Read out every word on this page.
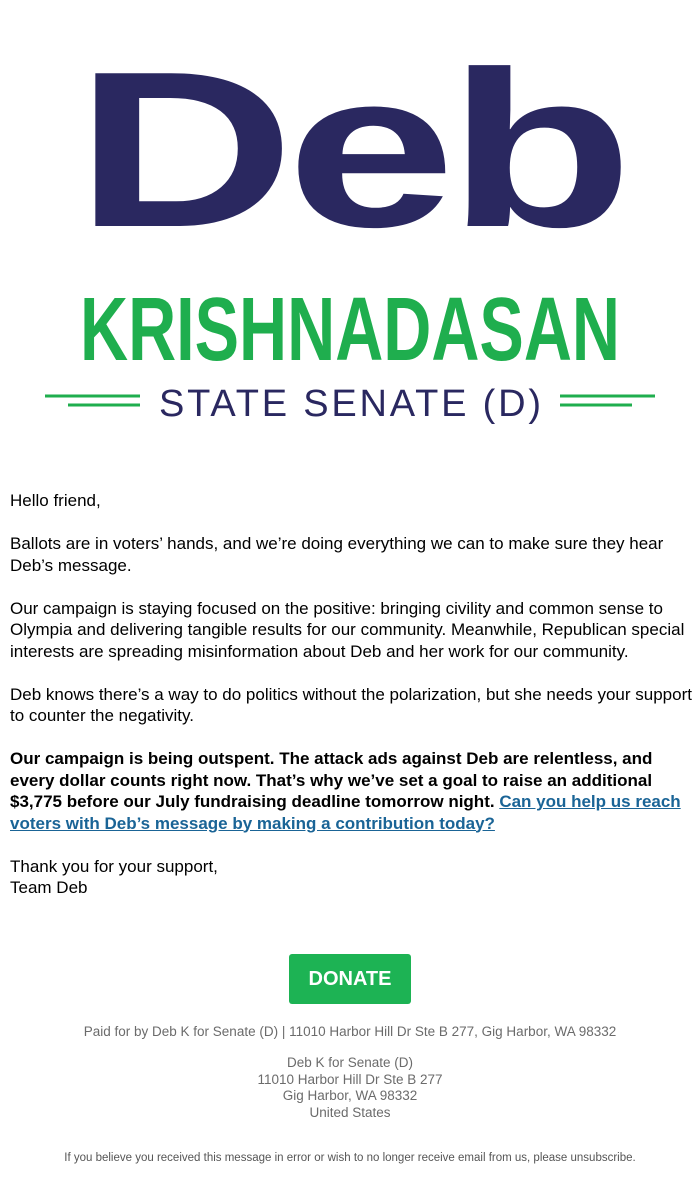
Deb
KRISHNADASAN
STATE SENATE (D)

Hello friend,

Ballots are in voters’ hands, and we’re doing everything we can to make sure they hear Deb’s message.

Our campaign is staying focused on the positive: bringing civility and common sense to Olympia and delivering tangible results for our community. Meanwhile, Republican special interests are spreading misinformation about Deb and her work for our community.

Deb knows there’s a way to do politics without the polarization, but she needs your support to counter the negativity.

Our campaign is being outspent. The attack ads against Deb are relentless, and every dollar counts right now. That’s why we’ve set a goal to raise an additional $3,775 before our July fundraising deadline tomorrow night. Can you help us reach voters with Deb’s message by making a contribution today?

Thank you for your support,
Team Deb

DONATE
Paid for by Deb K for Senate (D) | 11010 Harbor Hill Dr Ste B 277, Gig Harbor, WA 98332
Deb K for Senate (D)
11010 Harbor Hill Dr Ste B 277
Gig Harbor, WA 98332
United States
If you believe you received this message in error or wish to no longer receive email from us, please unsubscribe.
